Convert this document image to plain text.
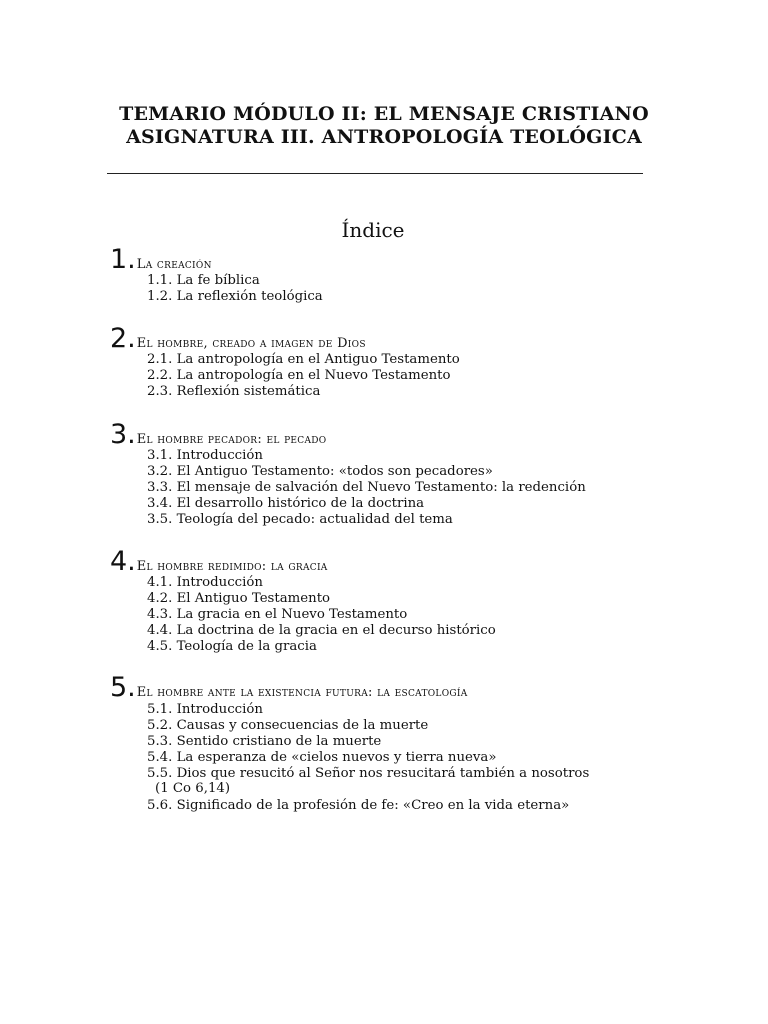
TEMARIO MÓDULO II: EL MENSAJE CRISTIANO
ASIGNATURA III. ANTROPOLOGÍA TEOLÓGICA
Índice
1.La creación
1.1. La fe bíblica
1.2. La reflexión teológica
2.El hombre, creado a imagen de Dios
2.1. La antropología en el Antiguo Testamento
2.2. La antropología en el Nuevo Testamento
2.3. Reflexión sistemática
3.El hombre pecador: el pecado
3.1. Introducción
3.2. El Antiguo Testamento: «todos son pecadores»
3.3. El mensaje de salvación del Nuevo Testamento: la redención
3.4. El desarrollo histórico de la doctrina
3.5. Teología del pecado: actualidad del tema
4.El hombre redimido: la gracia
4.1. Introducción
4.2. El Antiguo Testamento
4.3. La gracia en el Nuevo Testamento
4.4. La doctrina de la gracia en el decurso histórico
4.5. Teología de la gracia
5.El hombre ante la existencia futura: la escatología
5.1. Introducción
5.2. Causas y consecuencias de la muerte
5.3. Sentido cristiano de la muerte
5.4. La esperanza de «cielos nuevos y tierra nueva»
5.5. Dios que resucitó al Señor nos resucitará también a nosotros
(1 Co 6,14)
5.6. Significado de la profesión de fe: «Creo en la vida eterna»
